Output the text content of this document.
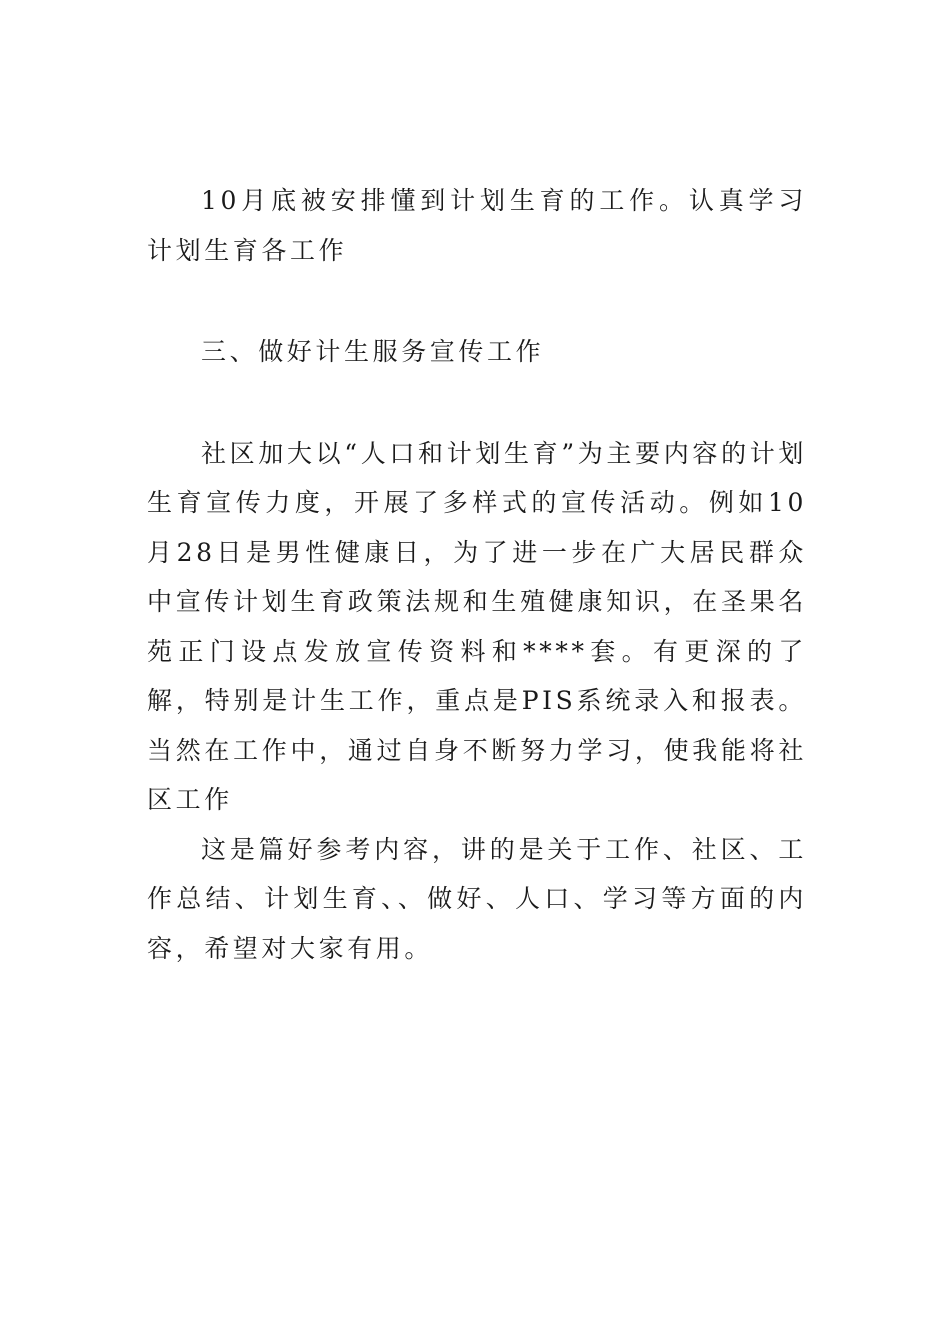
10月底被安排懂到计划生育的工作。认真学习计划生育各工作

三、做好计生服务宣传工作

社区加大以“人口和计划生育”为主要内容的计划生育宣传力度，开展了多样式的宣传活动。例如10月28日是男性健康日，为了进一步在广大居民群众中宣传计划生育政策法规和生殖健康知识，在圣果名苑正门设点发放宣传资料和****套。有更深的了解，特别是计生工作，重点是PIS系统录入和报表。当然在工作中，通过自身不断努力学习，使我能将社区工作

这是篇好参考内容，讲的是关于工作、社区、工作总结、计划生育、、做好、人口、学习等方面的内容，希望对大家有用。
